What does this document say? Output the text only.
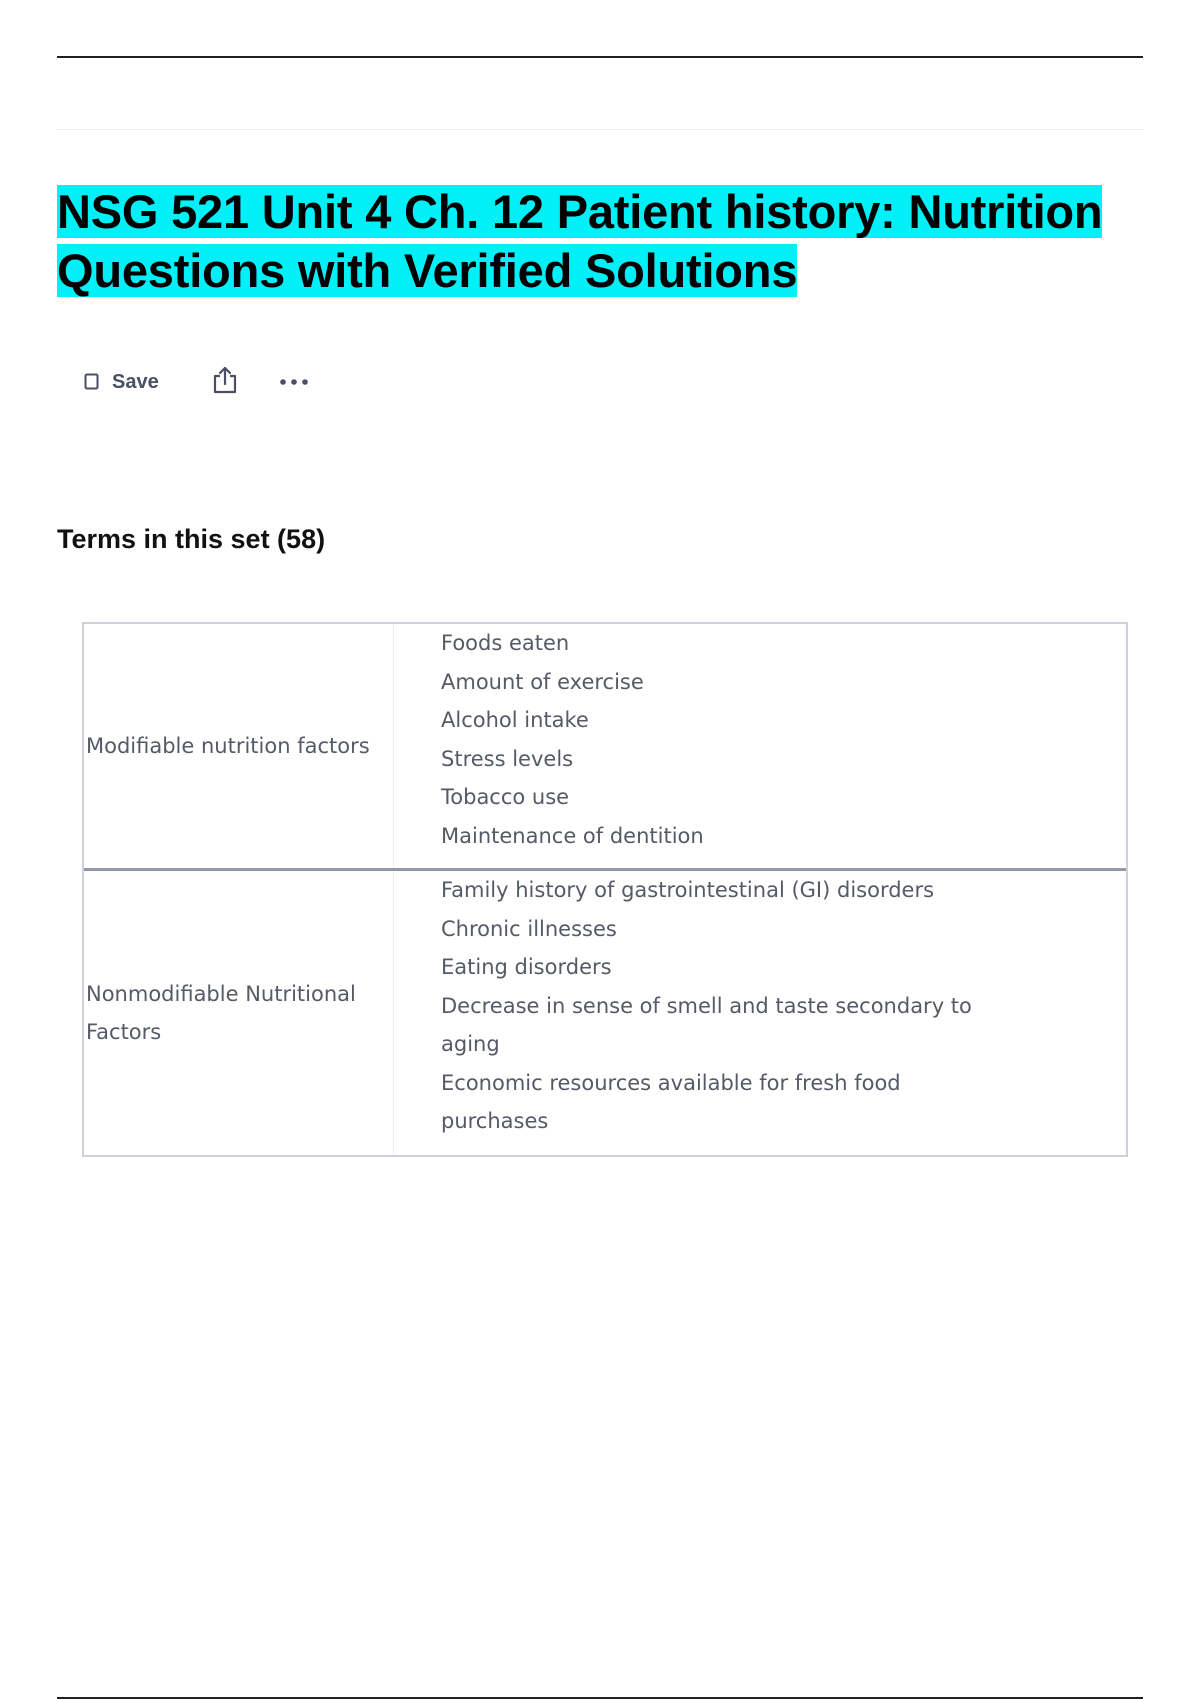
NSG 521 Unit 4 Ch. 12 Patient history: Nutrition Questions with Verified Solutions
Save
Terms in this set (58)
Modifiable nutrition factors
Foods eaten
Amount of exercise
Alcohol intake
Stress levels
Tobacco use
Maintenance of dentition
Nonmodifiable Nutritional Factors
Family history of gastrointestinal (GI) disorders
Chronic illnesses
Eating disorders
Decrease in sense of smell and taste secondary to aging
Economic resources available for fresh food purchases
